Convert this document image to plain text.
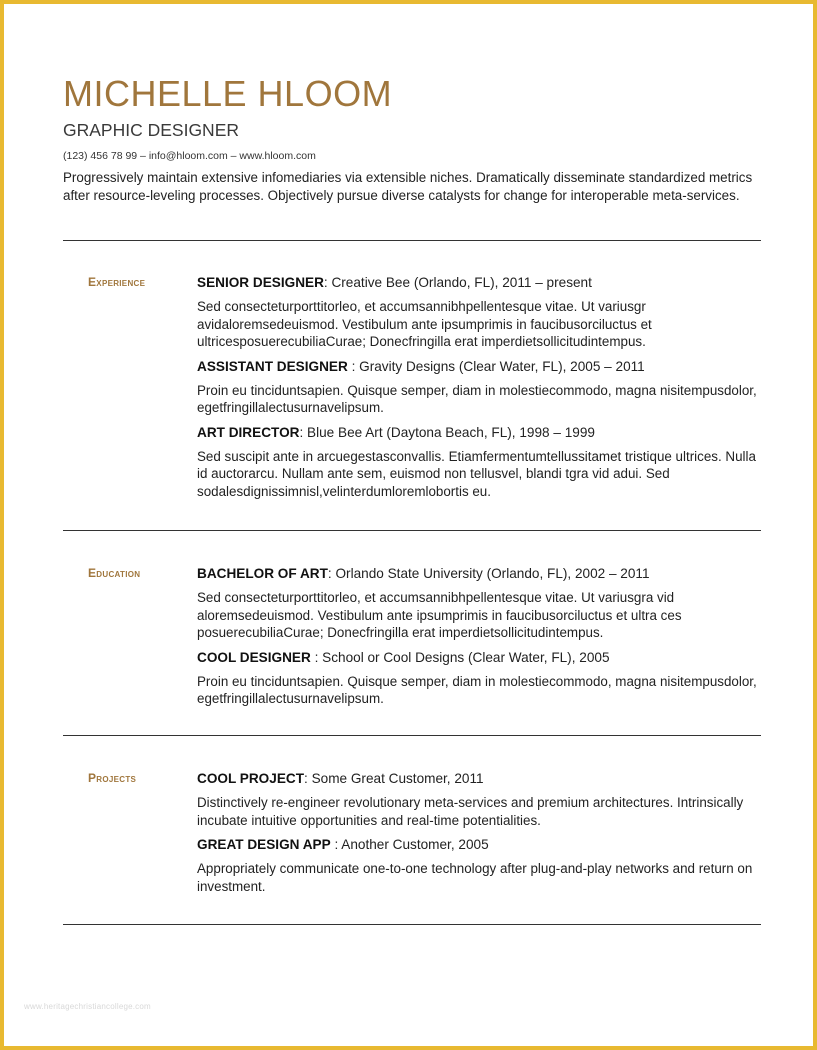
MICHELLE HLOOM
GRAPHIC DESIGNER
(123) 456 78 99 – info@hloom.com – www.hloom.com
Progressively maintain extensive infomediaries via extensible niches. Dramatically disseminate standardized metrics after resource-leveling processes. Objectively pursue diverse catalysts for change for interoperable meta-services.
Experience	SENIOR DESIGNER: Creative Bee (Orlando, FL), 2011 – present
Sed consecteturporttitorleo, et accumsannibhpellentesque vitae. Ut variusgr avidaloremsedeuismod. Vestibulum ante ipsumprimis in faucibusorciluctus et ultricesposuerecubiliaCurae; Donecfringilla erat imperdietsollicitudintempus.
ASSISTANT DESIGNER : Gravity Designs (Clear Water, FL), 2005 – 2011
Proin eu tinciduntsapien. Quisque semper, diam in molestiecommodo, magna nisitempusdolor, egetfringillalectusurnavelipsum.
ART DIRECTOR: Blue Bee Art (Daytona Beach, FL), 1998 – 1999
Sed suscipit ante in arcuegestasconvallis. Etiamfermentumtellussitamet tristique ultrices. Nulla id auctorarcu. Nullam ante sem, euismod non tellusvel, blandi tgra vid adui. Sed sodalesdignissimnisl,velinterdumloremlobortis eu.
Education	BACHELOR OF ART: Orlando State University (Orlando, FL), 2002 – 2011
Sed consecteturporttitorleo, et accumsannibhpellentesque vitae. Ut variusgra vid aloremsedeuismod. Vestibulum ante ipsumprimis in faucibusorciluctus et ultra ces posuerecubiliaCurae; Donecfringilla erat imperdietsollicitudintempus.
COOL DESIGNER : School or Cool Designs (Clear Water, FL), 2005
Proin eu tinciduntsapien. Quisque semper, diam in molestiecommodo, magna nisitempusdolor, egetfringillalectusurnavelipsum.
Projects	COOL PROJECT: Some Great Customer, 2011
Distinctively re-engineer revolutionary meta-services and premium architectures. Intrinsically incubate intuitive opportunities and real-time potentialities.
GREAT DESIGN APP : Another Customer, 2005
Appropriately communicate one-to-one technology after plug-and-play networks and return on investment.
www.heritagechristiancollege.com
